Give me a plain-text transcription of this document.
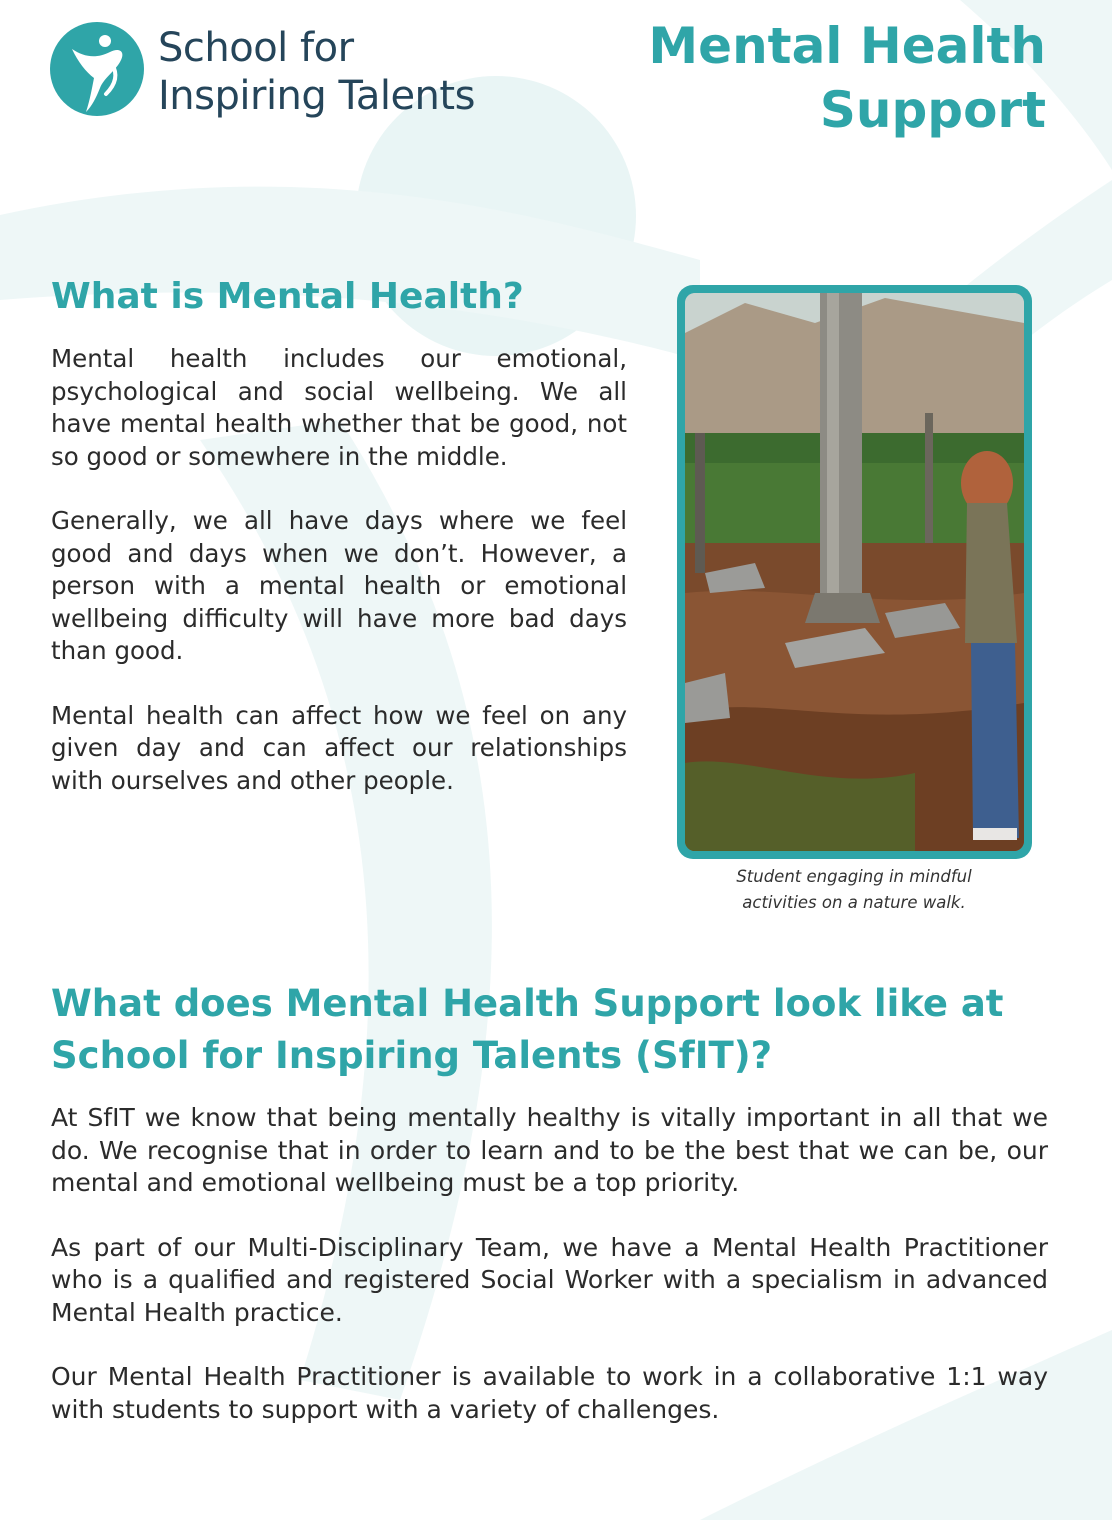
School for
Inspiring Talents
Mental Health
Support
What is Mental Health?

Mental health includes our emotional, psychological and social wellbeing. We all have mental health whether that be good, not so good or somewhere in the middle.

Generally, we all have days where we feel good and days when we don’t. However, a person with a mental health or emotional wellbeing difficulty will have more bad days than good.

Mental health can affect how we feel on any given day and can affect our relationships with ourselves and other people.

Student engaging in mindful
activities on a nature walk.
What does Mental Health Support look like at
School for Inspiring Talents (SfIT)?

At SfIT we know that being mentally healthy is vitally important in all that we do. We recognise that in order to learn and to be the best that we can be, our mental and emotional wellbeing must be a top priority.

As part of our Multi-Disciplinary Team, we have a Mental Health Practitioner who is a qualified and registered Social Worker with a specialism in advanced Mental Health practice.

Our Mental Health Practitioner is available to work in a collaborative 1:1 way with students to support with a variety of challenges.
